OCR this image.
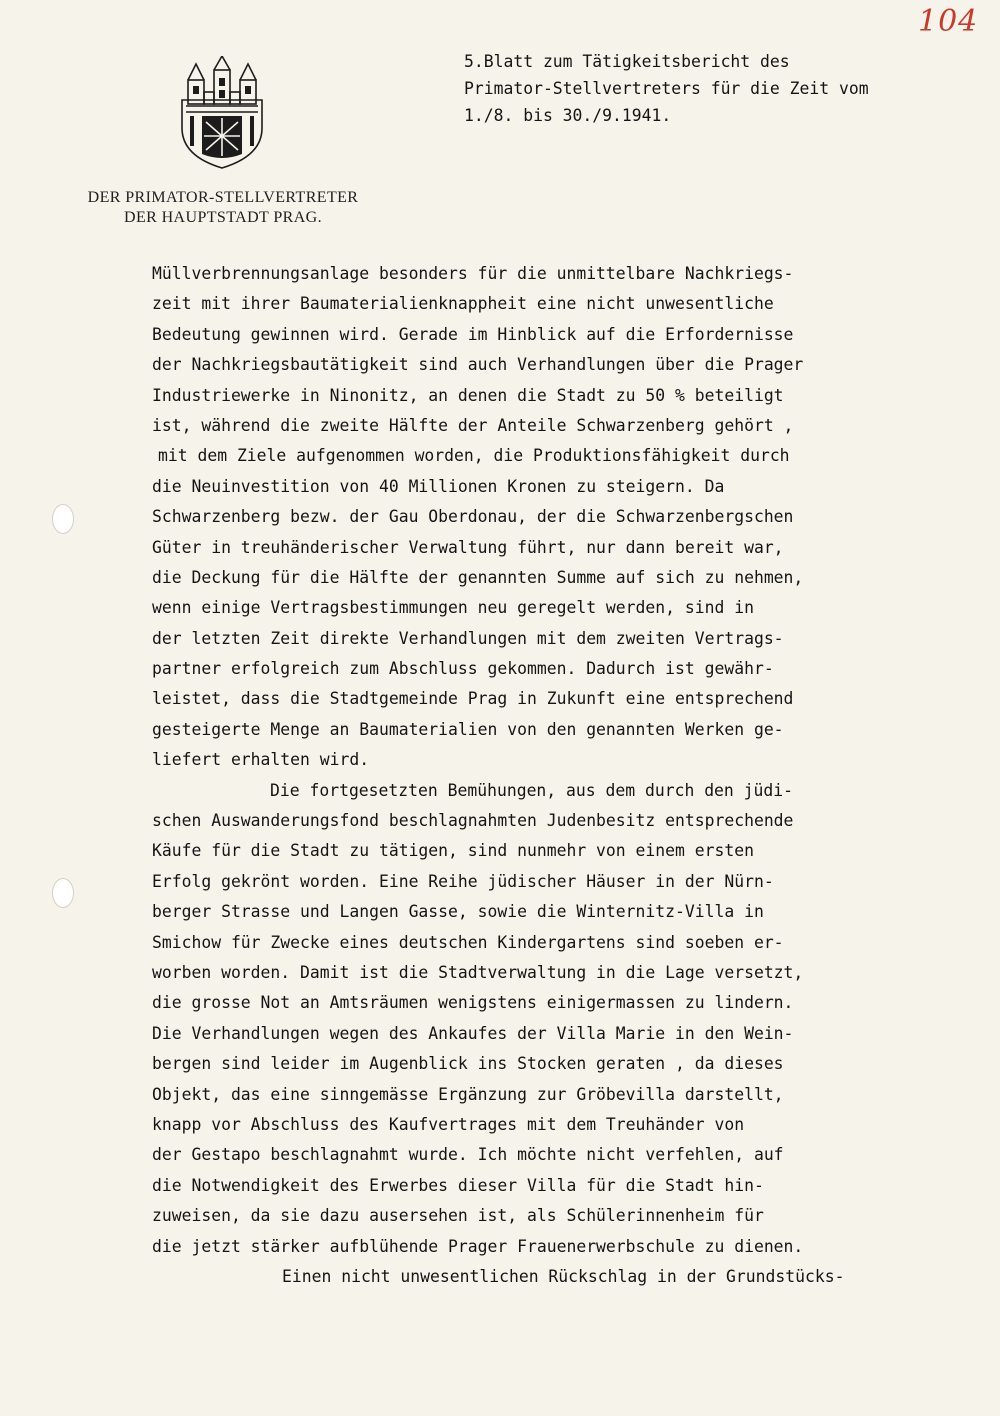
104
DER PRIMATOR-STELLVERTRETER
DER HAUPTSTADT PRAG.
5.Blatt zum Tätigkeitsbericht des
Primator-Stellvertreters für die Zeit vom
1./8. bis 30./9.1941.
Müllverbrennungsanlage besonders für die unmittelbare Nachkriegs-
zeit mit ihrer Baumaterialienknappheit eine nicht unwesentliche
Bedeutung gewinnen wird. Gerade im Hinblick auf die Erfordernisse
der Nachkriegsbautätigkeit sind auch Verhandlungen über die Prager
Industriewerke in Ninonitz, an denen die Stadt zu 50 % beteiligt
ist, während die zweite Hälfte der Anteile Schwarzenberg gehört ,
mit dem Ziele aufgenommen worden, die Produktionsfähigkeit durch
die Neuinvestition von 40 Millionen Kronen zu steigern. Da
Schwarzenberg bezw. der Gau Oberdonau, der die Schwarzenbergschen
Güter in treuhänderischer Verwaltung führt, nur dann bereit war,
die Deckung für die Hälfte der genannten Summe auf sich zu nehmen,
wenn einige Vertragsbestimmungen neu geregelt werden, sind in
der letzten Zeit direkte Verhandlungen mit dem zweiten Vertrags-
partner erfolgreich zum Abschluss gekommen. Dadurch ist gewähr-
leistet, dass die Stadtgemeinde Prag in Zukunft eine entsprechend
gesteigerte Menge an Baumaterialien von den genannten Werken ge-
liefert erhalten wird.
Die fortgesetzten Bemühungen, aus dem durch den jüdi-
schen Auswanderungsfond beschlagnahmten Judenbesitz entsprechende
Käufe für die Stadt zu tätigen, sind nunmehr von einem ersten
Erfolg gekrönt worden. Eine Reihe jüdischer Häuser in der Nürn-
berger Strasse und Langen Gasse, sowie die Winternitz-Villa in
Smichow für Zwecke eines deutschen Kindergartens sind soeben er-
worben worden. Damit ist die Stadtverwaltung in die Lage versetzt,
die grosse Not an Amtsräumen wenigstens einigermassen zu lindern.
Die Verhandlungen wegen des Ankaufes der Villa Marie in den Wein-
bergen sind leider im Augenblick ins Stocken geraten , da dieses
Objekt, das eine sinngemässe Ergänzung zur Gröbevilla darstellt,
knapp vor Abschluss des Kaufvertrages mit dem Treuhänder von
der Gestapo beschlagnahmt wurde. Ich möchte nicht verfehlen, auf
die Notwendigkeit des Erwerbes dieser Villa für die Stadt hin-
zuweisen, da sie dazu ausersehen ist, als Schülerinnenheim für
die jetzt stärker aufblühende Prager Frauenerwerbschule zu dienen.
Einen nicht unwesentlichen Rückschlag in der Grundstücks-
